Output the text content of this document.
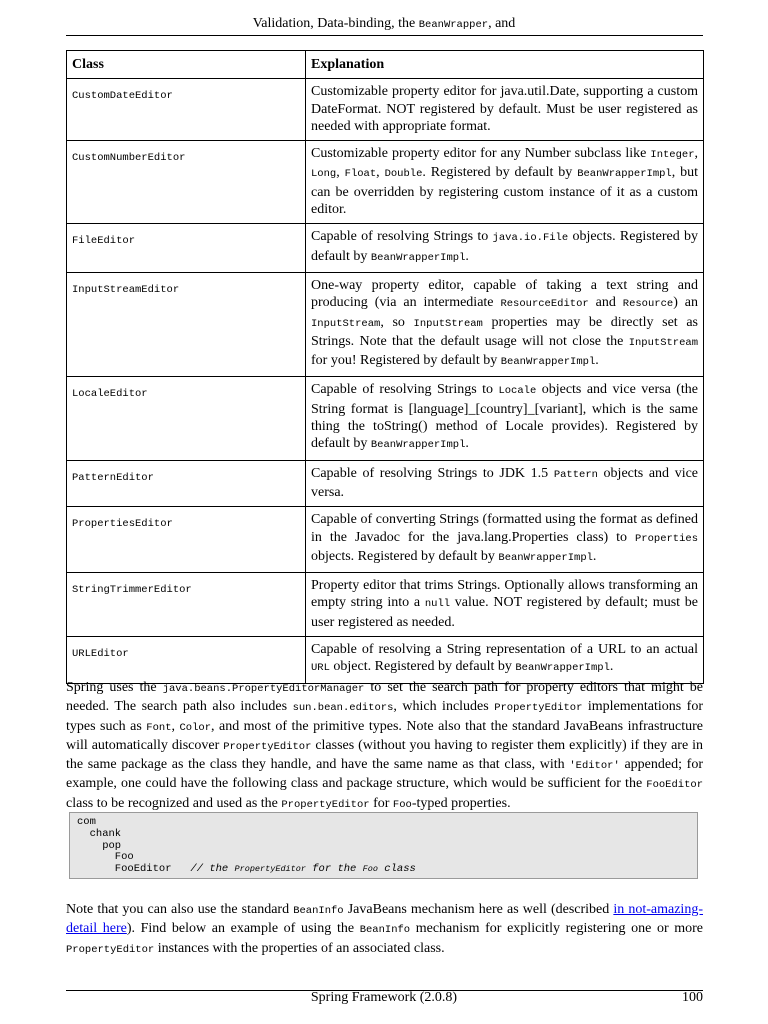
Validation, Data-binding, the BeanWrapper, and
Class	Explanation
CustomDateEditor	Customizable property editor for java.util.Date, supporting a custom DateFormat. NOT registered by default. Must be user registered as needed with appropriate format.
CustomNumberEditor	Customizable property editor for any Number subclass like Integer, Long, Float, Double. Registered by default by BeanWrapperImpl, but can be overridden by registering custom instance of it as a custom editor.
FileEditor	Capable of resolving Strings to java.io.File objects. Registered by default by BeanWrapperImpl.
InputStreamEditor	One-way property editor, capable of taking a text string and producing (via an intermediate ResourceEditor and Resource) an InputStream, so InputStream properties may be directly set as Strings. Note that the default usage will not close the InputStream for you! Registered by default by BeanWrapperImpl.
LocaleEditor	Capable of resolving Strings to Locale objects and vice versa (the String format is [language]_[country]_[variant], which is the same thing the toString() method of Locale provides). Registered by default by BeanWrapperImpl.
PatternEditor	Capable of resolving Strings to JDK 1.5 Pattern objects and vice versa.
PropertiesEditor	Capable of converting Strings (formatted using the format as defined in the Javadoc for the java.lang.Properties class) to Properties objects. Registered by default by BeanWrapperImpl.
StringTrimmerEditor	Property editor that trims Strings. Optionally allows transforming an empty string into a null value. NOT registered by default; must be user registered as needed.
URLEditor	Capable of resolving a String representation of a URL to an actual URL object. Registered by default by BeanWrapperImpl.

Spring uses the java.beans.PropertyEditorManager to set the search path for property editors that might be needed. The search path also includes sun.bean.editors, which includes PropertyEditor implementations for types such as Font, Color, and most of the primitive types. Note also that the standard JavaBeans infrastructure will automatically discover PropertyEditor classes (without you having to register them explicitly) if they are in the same package as the class they handle, and have the same name as that class, with 'Editor' appended; for example, one could have the following class and package structure, which would be sufficient for the FooEditor class to be recognized and used as the PropertyEditor for Foo-typed properties.

com
chank
pop
Foo
FooEditor   // the PropertyEditor for the Foo class

Note that you can also use the standard BeanInfo JavaBeans mechanism here as well (described in not-amazing-detail here). Find below an example of using the BeanInfo mechanism for explicitly registering one or more PropertyEditor instances with the properties of an associated class.

Spring Framework (2.0.8)	100
